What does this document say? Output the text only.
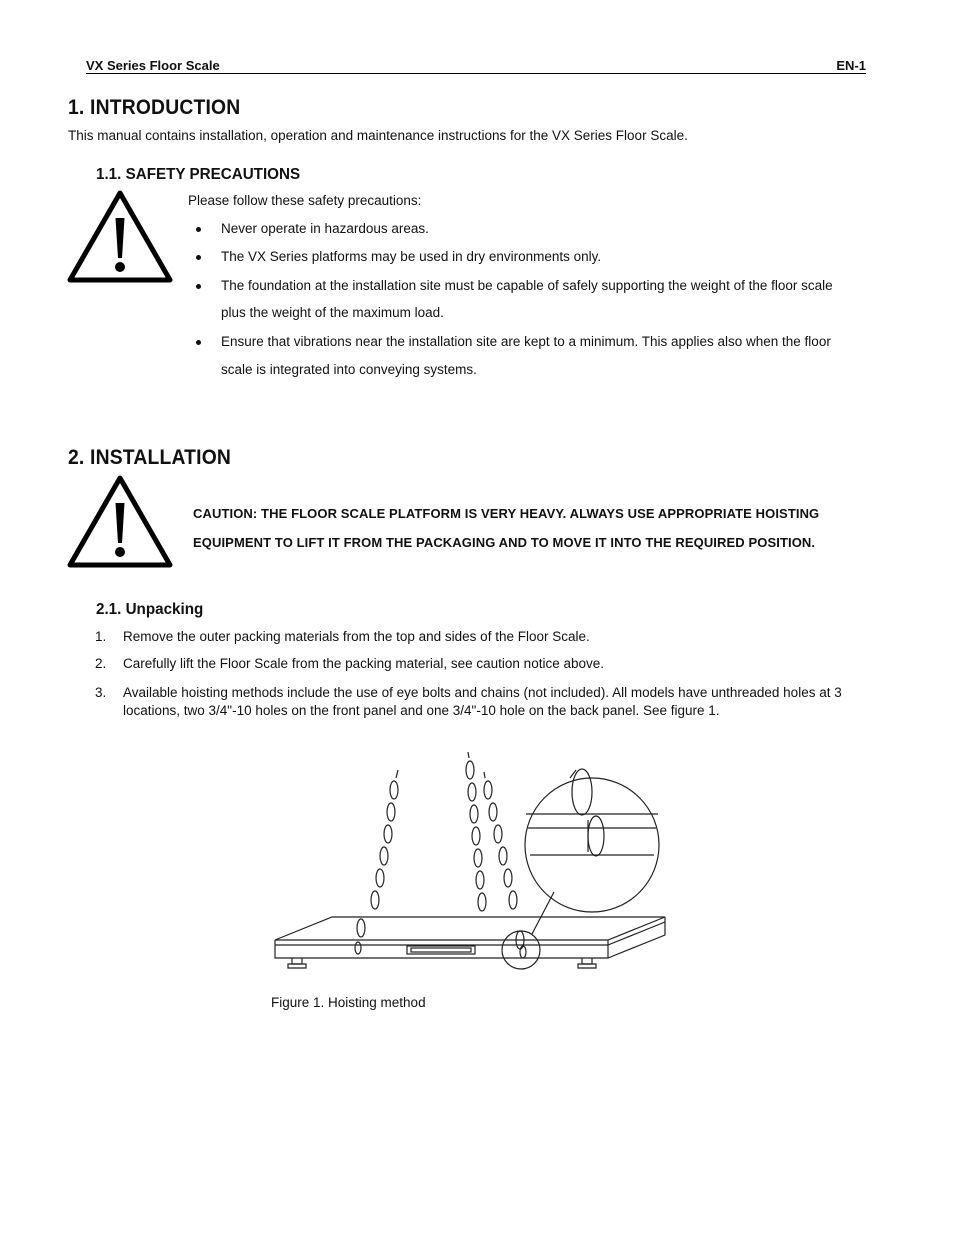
VX Series Floor Scale	EN-1
1. INTRODUCTION
This manual contains installation, operation and maintenance instructions for the VX Series Floor Scale.
1.1. SAFETY PRECAUTIONS
Please follow these safety precautions:
Never operate in hazardous areas.
The VX Series platforms may be used in dry environments only.
The foundation at the installation site must be capable of safely supporting the weight of the floor scale
plus the weight of the maximum load.
Ensure that vibrations near the installation site are kept to a minimum. This applies also when the floor
scale is integrated into conveying systems.
2. INSTALLATION
CAUTION: THE FLOOR SCALE PLATFORM IS VERY HEAVY. ALWAYS USE APPROPRIATE HOISTING
EQUIPMENT TO LIFT IT FROM THE PACKAGING AND TO MOVE IT INTO THE REQUIRED POSITION.
2.1. Unpacking
1. Remove the outer packing materials from the top and sides of the Floor Scale.
2. Carefully lift the Floor Scale from the packing material, see caution notice above.
3. Available hoisting methods include the use of eye bolts and chains (not included). All models have unthreaded holes at 3
locations, two 3/4"-10 holes on the front panel and one 3/4"-10 hole on the back panel. See figure 1.
Figure 1. Hoisting method
